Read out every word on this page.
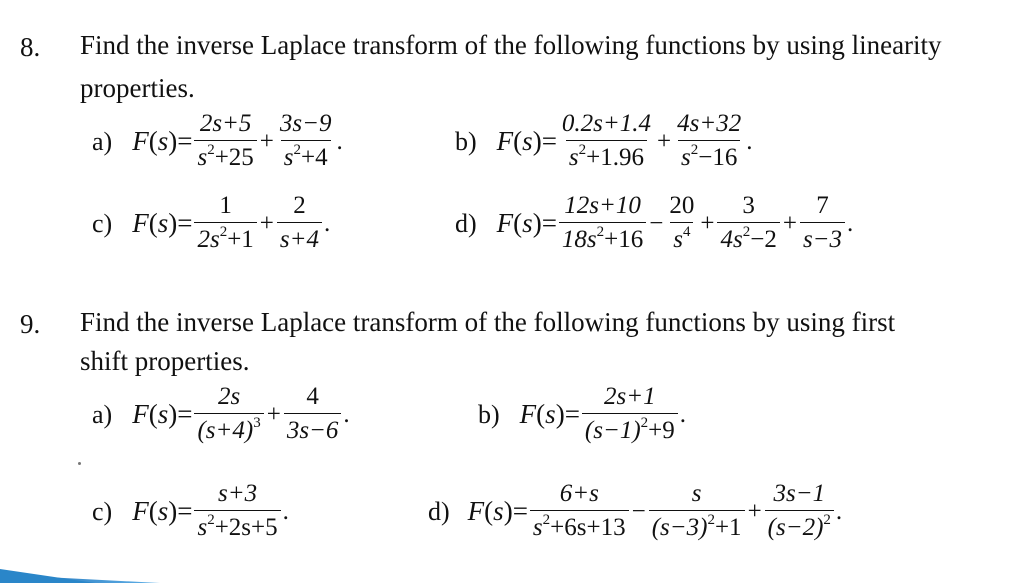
8. Find the inverse Laplace transform of the following functions by using linearity
properties.
a) $F(s)= \frac{2s+5}{s^2+25} + \frac{3s-9}{s^2+4}$ .	b) $F(s)= \frac{0.2s+1.4}{s^2+1.96} + \frac{4s+32}{s^2-16}$ .
c) $F(s)= \frac{1}{2s^2+1} + \frac{2}{s+4}$ .	d) $F(s)= \frac{12s+10}{18s^2+16} - \frac{20}{s^4} + \frac{3}{4s^2-2} + \frac{7}{s-3}$ .
9. Find the inverse Laplace transform of the following functions by using first
shift properties.
a) $F(s)= \frac{2s}{(s+4)^3} + \frac{4}{3s-6}$ .	b) $F(s)= \frac{2s+1}{(s-1)^2+9}$ .
c) $F(s)= \frac{s+3}{s^2+2s+5}$ .	d) $F(s)= \frac{6+s}{s^2+6s+13} - \frac{s}{(s-3)^2+1} + \frac{3s-1}{(s-2)^2}$ .
